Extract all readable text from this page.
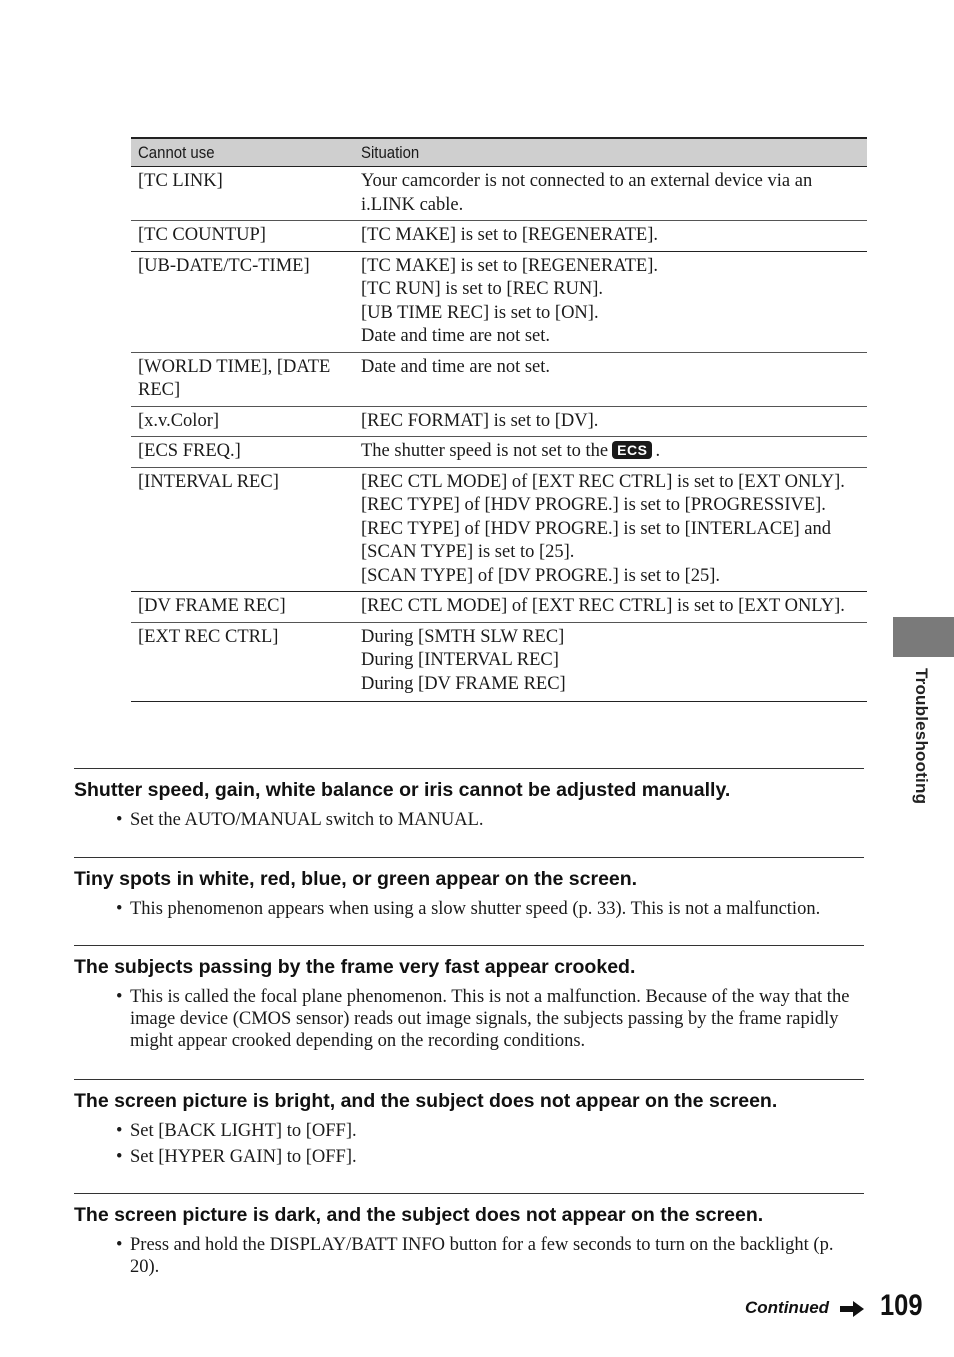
Cannot use	Situation
[TC LINK]	Your camcorder is not connected to an external device via an i.LINK cable.

[TC COUNTUP]	[TC MAKE] is set to [REGENERATE].

[UB-DATE/TC-TIME]	[TC MAKE] is set to [REGENERATE].
[TC RUN] is set to [REC RUN].
[UB TIME REC] is set to [ON].
Date and time are not set.

[WORLD TIME], [DATE REC]	Date and time are not set.

[x.v.Color]	[REC FORMAT] is set to [DV].

[ECS FREQ.]	The shutter speed is not set to the ECS .
[INTERVAL REC]	[REC CTL MODE] of [EXT REC CTRL] is set to [EXT ONLY].
[REC TYPE] of [HDV PROGRE.] is set to [PROGRESSIVE].
[REC TYPE] of [HDV PROGRE.] is set to [INTERLACE] and [SCAN TYPE] is set to [25].
[SCAN TYPE] of [DV PROGRE.] is set to [25].

[DV FRAME REC]	[REC CTL MODE] of [EXT REC CTRL] is set to [EXT ONLY].

[EXT REC CTRL]	During [SMTH SLW REC]
During [INTERVAL REC]
During [DV FRAME REC]
Shutter speed, gain, white balance or iris cannot be adjusted manually.
• Set the AUTO/MANUAL switch to MANUAL.
Tiny spots in white, red, blue, or green appear on the screen.
• This phenomenon appears when using a slow shutter speed (p. 33). This is not a malfunction.
The subjects passing by the frame very fast appear crooked.
• This is called the focal plane phenomenon. This is not a malfunction. Because of the way that the image device (CMOS sensor) reads out image signals, the subjects passing by the frame rapidly might appear crooked depending on the recording conditions.
The screen picture is bright, and the subject does not appear on the screen.
• Set [BACK LIGHT] to [OFF].
• Set [HYPER GAIN] to [OFF].
The screen picture is dark, and the subject does not appear on the screen.
• Press and hold the DISPLAY/BATT INFO button for a few seconds to turn on the backlight (p. 20).
Troubleshooting
Continued 109
